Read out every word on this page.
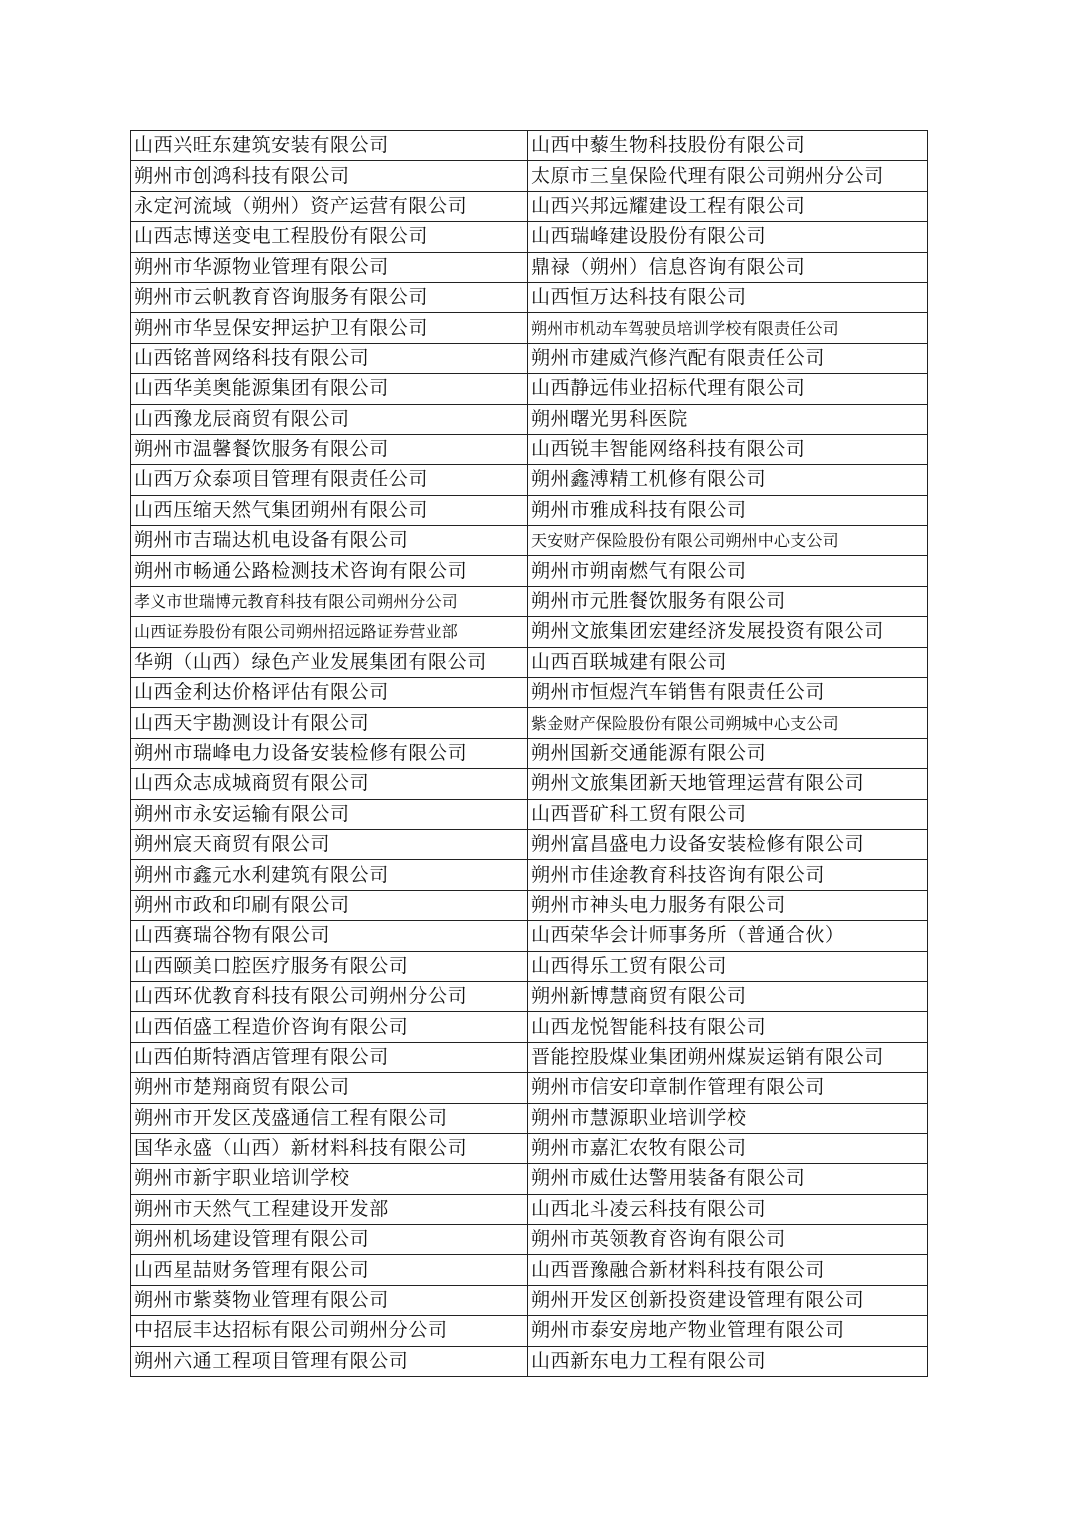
山西兴旺东建筑安装有限公司	山西中藜生物科技股份有限公司
朔州市创鸿科技有限公司	太原市三皇保险代理有限公司朔州分公司
永定河流域（朔州）资产运营有限公司	山西兴邦远耀建设工程有限公司
山西志博送变电工程股份有限公司	山西瑞峰建设股份有限公司
朔州市华源物业管理有限公司	鼎禄（朔州）信息咨询有限公司
朔州市云帆教育咨询服务有限公司	山西恒万达科技有限公司
朔州市华昱保安押运护卫有限公司	朔州市机动车驾驶员培训学校有限责任公司
山西铭普网络科技有限公司	朔州市建威汽修汽配有限责任公司
山西华美奥能源集团有限公司	山西静远伟业招标代理有限公司
山西豫龙辰商贸有限公司	朔州曙光男科医院
朔州市温馨餐饮服务有限公司	山西锐丰智能网络科技有限公司
山西万众泰项目管理有限责任公司	朔州鑫溥精工机修有限公司
山西压缩天然气集团朔州有限公司	朔州市雅成科技有限公司
朔州市吉瑞达机电设备有限公司	天安财产保险股份有限公司朔州中心支公司
朔州市畅通公路检测技术咨询有限公司	朔州市朔南燃气有限公司
孝义市世瑞博元教育科技有限公司朔州分公司	朔州市元胜餐饮服务有限公司
山西证券股份有限公司朔州招远路证券营业部	朔州文旅集团宏建经济发展投资有限公司
华朔（山西）绿色产业发展集团有限公司	山西百联城建有限公司
山西金利达价格评估有限公司	朔州市恒煜汽车销售有限责任公司
山西天宇勘测设计有限公司	紫金财产保险股份有限公司朔城中心支公司
朔州市瑞峰电力设备安装检修有限公司	朔州国新交通能源有限公司
山西众志成城商贸有限公司	朔州文旅集团新天地管理运营有限公司
朔州市永安运输有限公司	山西晋矿科工贸有限公司
朔州宸天商贸有限公司	朔州富昌盛电力设备安装检修有限公司
朔州市鑫元水利建筑有限公司	朔州市佳途教育科技咨询有限公司
朔州市政和印刷有限公司	朔州市神头电力服务有限公司
山西赛瑞谷物有限公司	山西荣华会计师事务所（普通合伙）
山西颐美口腔医疗服务有限公司	山西得乐工贸有限公司
山西环优教育科技有限公司朔州分公司	朔州新博慧商贸有限公司
山西佰盛工程造价咨询有限公司	山西龙悦智能科技有限公司
山西伯斯特酒店管理有限公司	晋能控股煤业集团朔州煤炭运销有限公司
朔州市楚翔商贸有限公司	朔州市信安印章制作管理有限公司
朔州市开发区茂盛通信工程有限公司	朔州市慧源职业培训学校
国华永盛（山西）新材料科技有限公司	朔州市嘉汇农牧有限公司
朔州市新宇职业培训学校	朔州市威仕达警用装备有限公司
朔州市天然气工程建设开发部	山西北斗凌云科技有限公司
朔州机场建设管理有限公司	朔州市英领教育咨询有限公司
山西星喆财务管理有限公司	山西晋豫融合新材料科技有限公司
朔州市紫葵物业管理有限公司	朔州开发区创新投资建设管理有限公司
中招辰丰达招标有限公司朔州分公司	朔州市泰安房地产物业管理有限公司
朔州六通工程项目管理有限公司	山西新东电力工程有限公司
